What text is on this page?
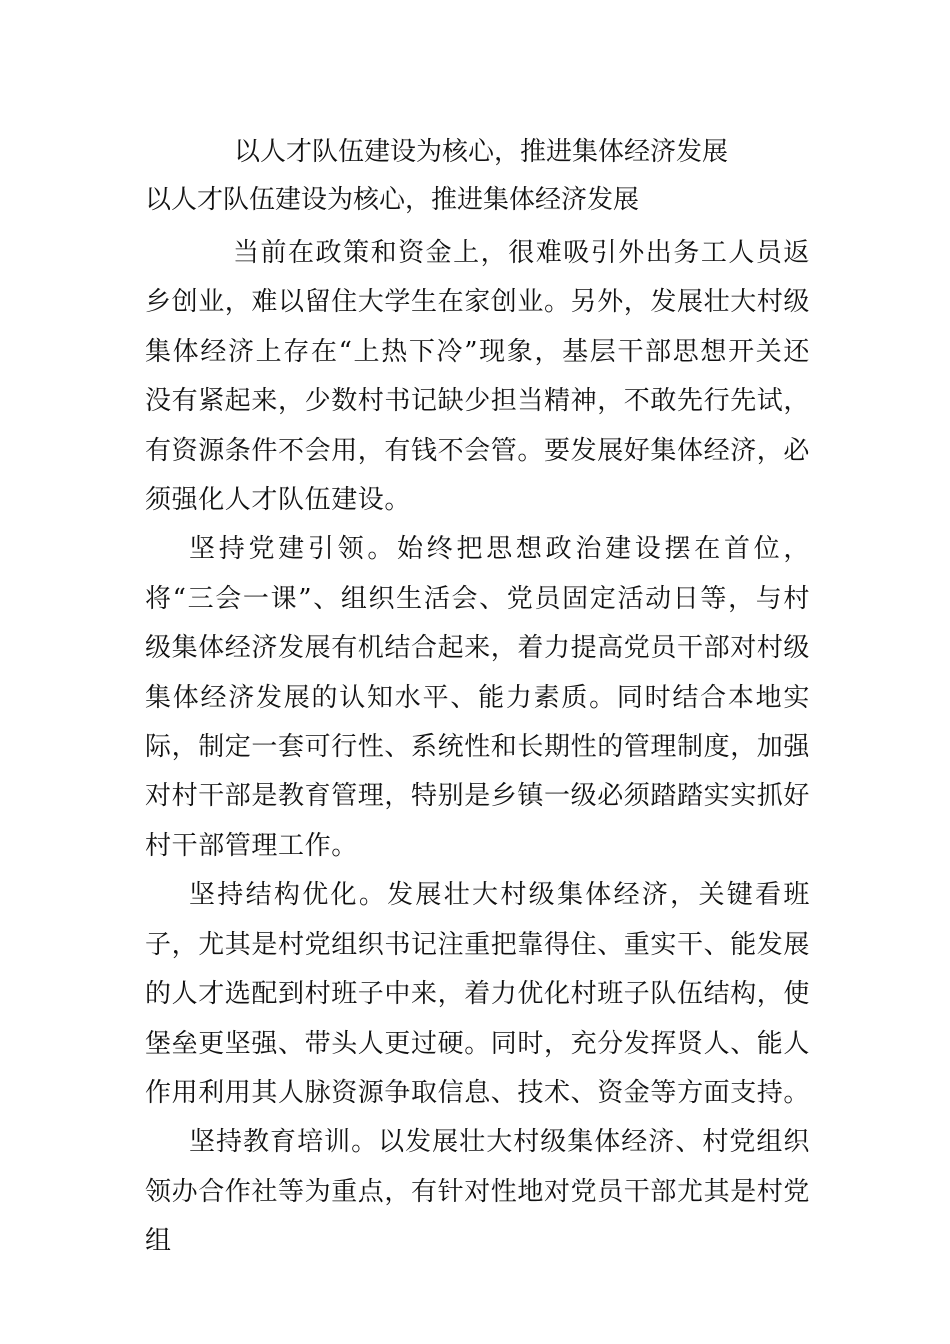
以人才队伍建设为核心，推进集体经济发展
以人才队伍建设为核心，推进集体经济发展

当前在政策和资金上，很难吸引外出务工人员返乡创业，难以留住大学生在家创业。另外，发展壮大村级集体经济上存在“上热下冷”现象，基层干部思想开关还没有紧起来，少数村书记缺少担当精神，不敢先行先试，有资源条件不会用，有钱不会管。要发展好集体经济，必须强化人才队伍建设。

坚持党建引领。始终把思想政治建设摆在首位，将“三会一课”、组织生活会、党员固定活动日等，与村级集体经济发展有机结合起来，着力提高党员干部对村级集体经济发展的认知水平、能力素质。同时结合本地实际，制定一套可行性、系统性和长期性的管理制度，加强对村干部是教育管理，特别是乡镇一级必须踏踏实实抓好村干部管理工作。

坚持结构优化。发展壮大村级集体经济，关键看班子，尤其是村党组织书记注重把靠得住、重实干、能发展的人才选配到村班子中来，着力优化村班子队伍结构，使堡垒更坚强、带头人更过硬。同时，充分发挥贤人、能人作用利用其人脉资源争取信息、技术、资金等方面支持。

坚持教育培训。以发展壮大村级集体经济、村党组织领办合作社等为重点，有针对性地对党员干部尤其是村党组
